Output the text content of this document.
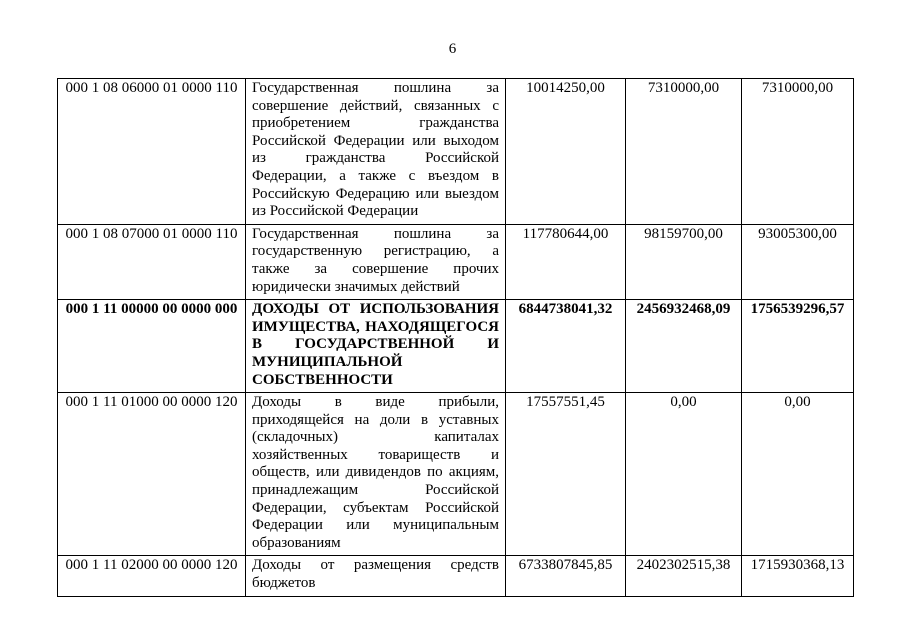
6
000 1 08 06000 01 0000 110	Государственная пошлина за совершение действий, связанных с приобретением гражданства Российской Федерации или выходом из гражданства Российской Федерации, а также с въездом в Российскую Федерацию или выездом из Российской Федерации	10014250,00	7310000,00	7310000,00
000 1 08 07000 01 0000 110	Государственная пошлина за государственную регистрацию, а также за совершение прочих юридически значимых действий	117780644,00	98159700,00	93005300,00
000 1 11 00000 00 0000 000	ДОХОДЫ ОТ ИСПОЛЬЗОВАНИЯ ИМУЩЕСТВА, НАХОДЯЩЕГОСЯ В ГОСУДАРСТВЕННОЙ И МУНИЦИПАЛЬНОЙ СОБСТВЕННОСТИ	6844738041,32	2456932468,09	1756539296,57
000 1 11 01000 00 0000 120	Доходы в виде прибыли, приходящейся на доли в уставных (складочных) капиталах хозяйственных товариществ и обществ, или дивидендов по акциям, принадлежащим Российской Федерации, субъектам Российской Федерации или муниципальным образованиям	17557551,45	0,00	0,00
000 1 11 02000 00 0000 120	Доходы от размещения средств бюджетов	6733807845,85	2402302515,38	1715930368,13
